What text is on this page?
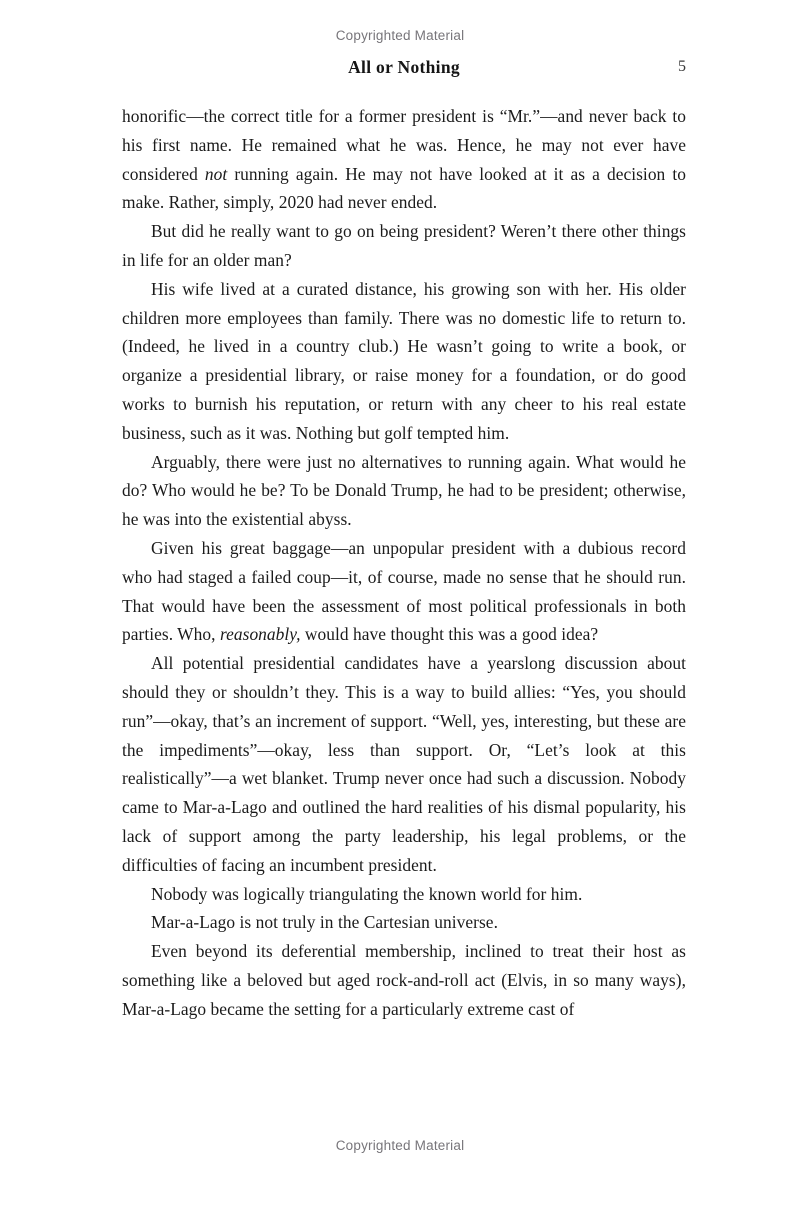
Copyrighted Material
All or Nothing	5

honorific—the correct title for a former president is “Mr.”—and never back to his first name. He remained what he was. Hence, he may not ever have considered not running again. He may not have looked at it as a decision to make. Rather, simply, 2020 had never ended.

But did he really want to go on being president? Weren’t there other things in life for an older man?

His wife lived at a curated distance, his growing son with her. His older children more employees than family. There was no domestic life to return to. (Indeed, he lived in a country club.) He wasn’t going to write a book, or organize a presidential library, or raise money for a foundation, or do good works to burnish his reputation, or return with any cheer to his real estate business, such as it was. Nothing but golf tempted him.

Arguably, there were just no alternatives to running again. What would he do? Who would he be? To be Donald Trump, he had to be president; otherwise, he was into the existential abyss.

Given his great baggage—an unpopular president with a dubious record who had staged a failed coup—it, of course, made no sense that he should run. That would have been the assessment of most political professionals in both parties. Who, reasonably, would have thought this was a good idea?

All potential presidential candidates have a yearslong discussion about should they or shouldn’t they. This is a way to build allies: “Yes, you should run”—okay, that’s an increment of support. “Well, yes, interesting, but these are the impediments”—okay, less than support. Or, “Let’s look at this realistically”—a wet blanket. Trump never once had such a discussion. Nobody came to Mar-a-Lago and outlined the hard realities of his dismal popularity, his lack of support among the party leadership, his legal problems, or the difficulties of facing an incumbent president.

Nobody was logically triangulating the known world for him.

Mar-a-Lago is not truly in the Cartesian universe.

Even beyond its deferential membership, inclined to treat their host as something like a beloved but aged rock-and-roll act (Elvis, in so many ways), Mar-a-Lago became the setting for a particularly extreme cast of

Copyrighted Material
